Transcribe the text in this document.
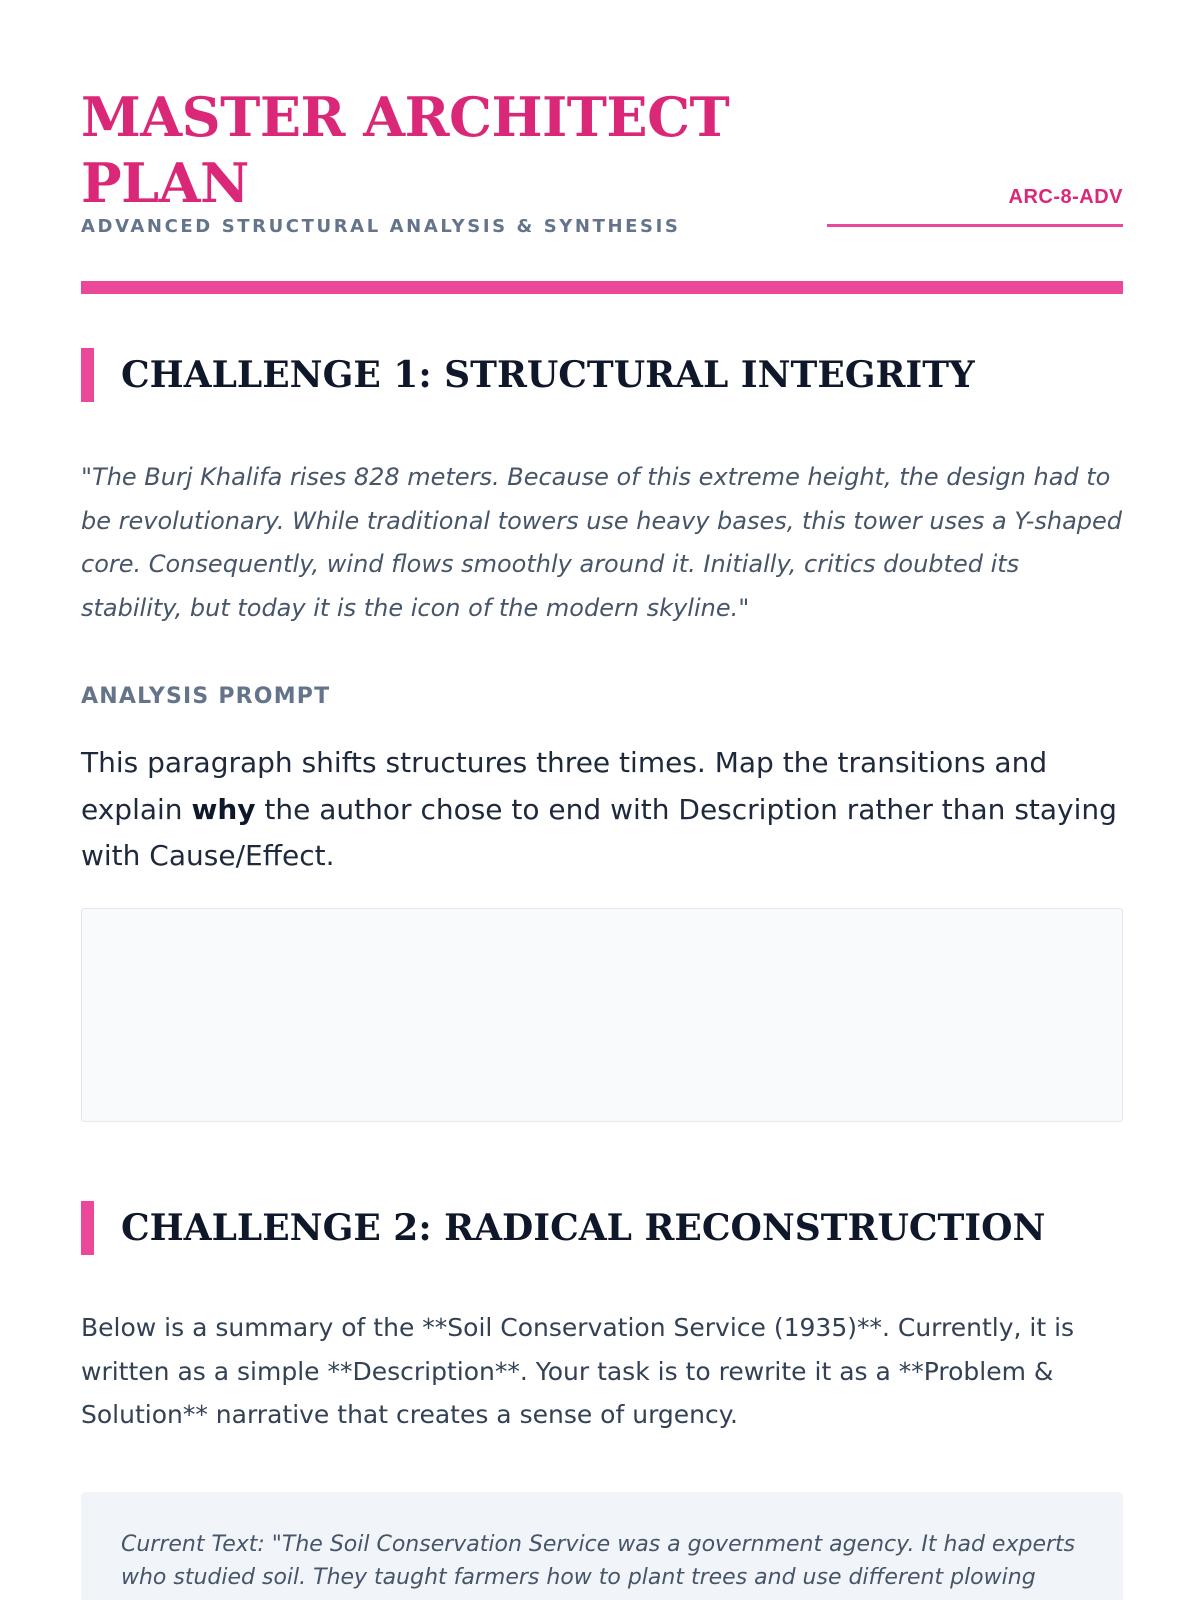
MASTER ARCHITECT PLAN
ADVANCED STRUCTURAL ANALYSIS & SYNTHESIS
ARC-8-ADV
CHALLENGE 1: STRUCTURAL INTEGRITY

"The Burj Khalifa rises 828 meters. Because of this extreme height, the design had to be revolutionary. While traditional towers use heavy bases, this tower uses a Y-shaped core. Consequently, wind flows smoothly around it. Initially, critics doubted its stability, but today it is the icon of the modern skyline."

ANALYSIS PROMPT

This paragraph shifts structures three times. Map the transitions and explain why the author chose to end with Description rather than staying with Cause/Effect.

CHALLENGE 2: RADICAL RECONSTRUCTION

Below is a summary of the **Soil Conservation Service (1935)**. Currently, it is written as a simple **Description**. Your task is to rewrite it as a **Problem & Solution** narrative that creates a sense of urgency.

Current Text: "The Soil Conservation Service was a government agency. It had experts who studied soil. They taught farmers how to plant trees and use different plowing
